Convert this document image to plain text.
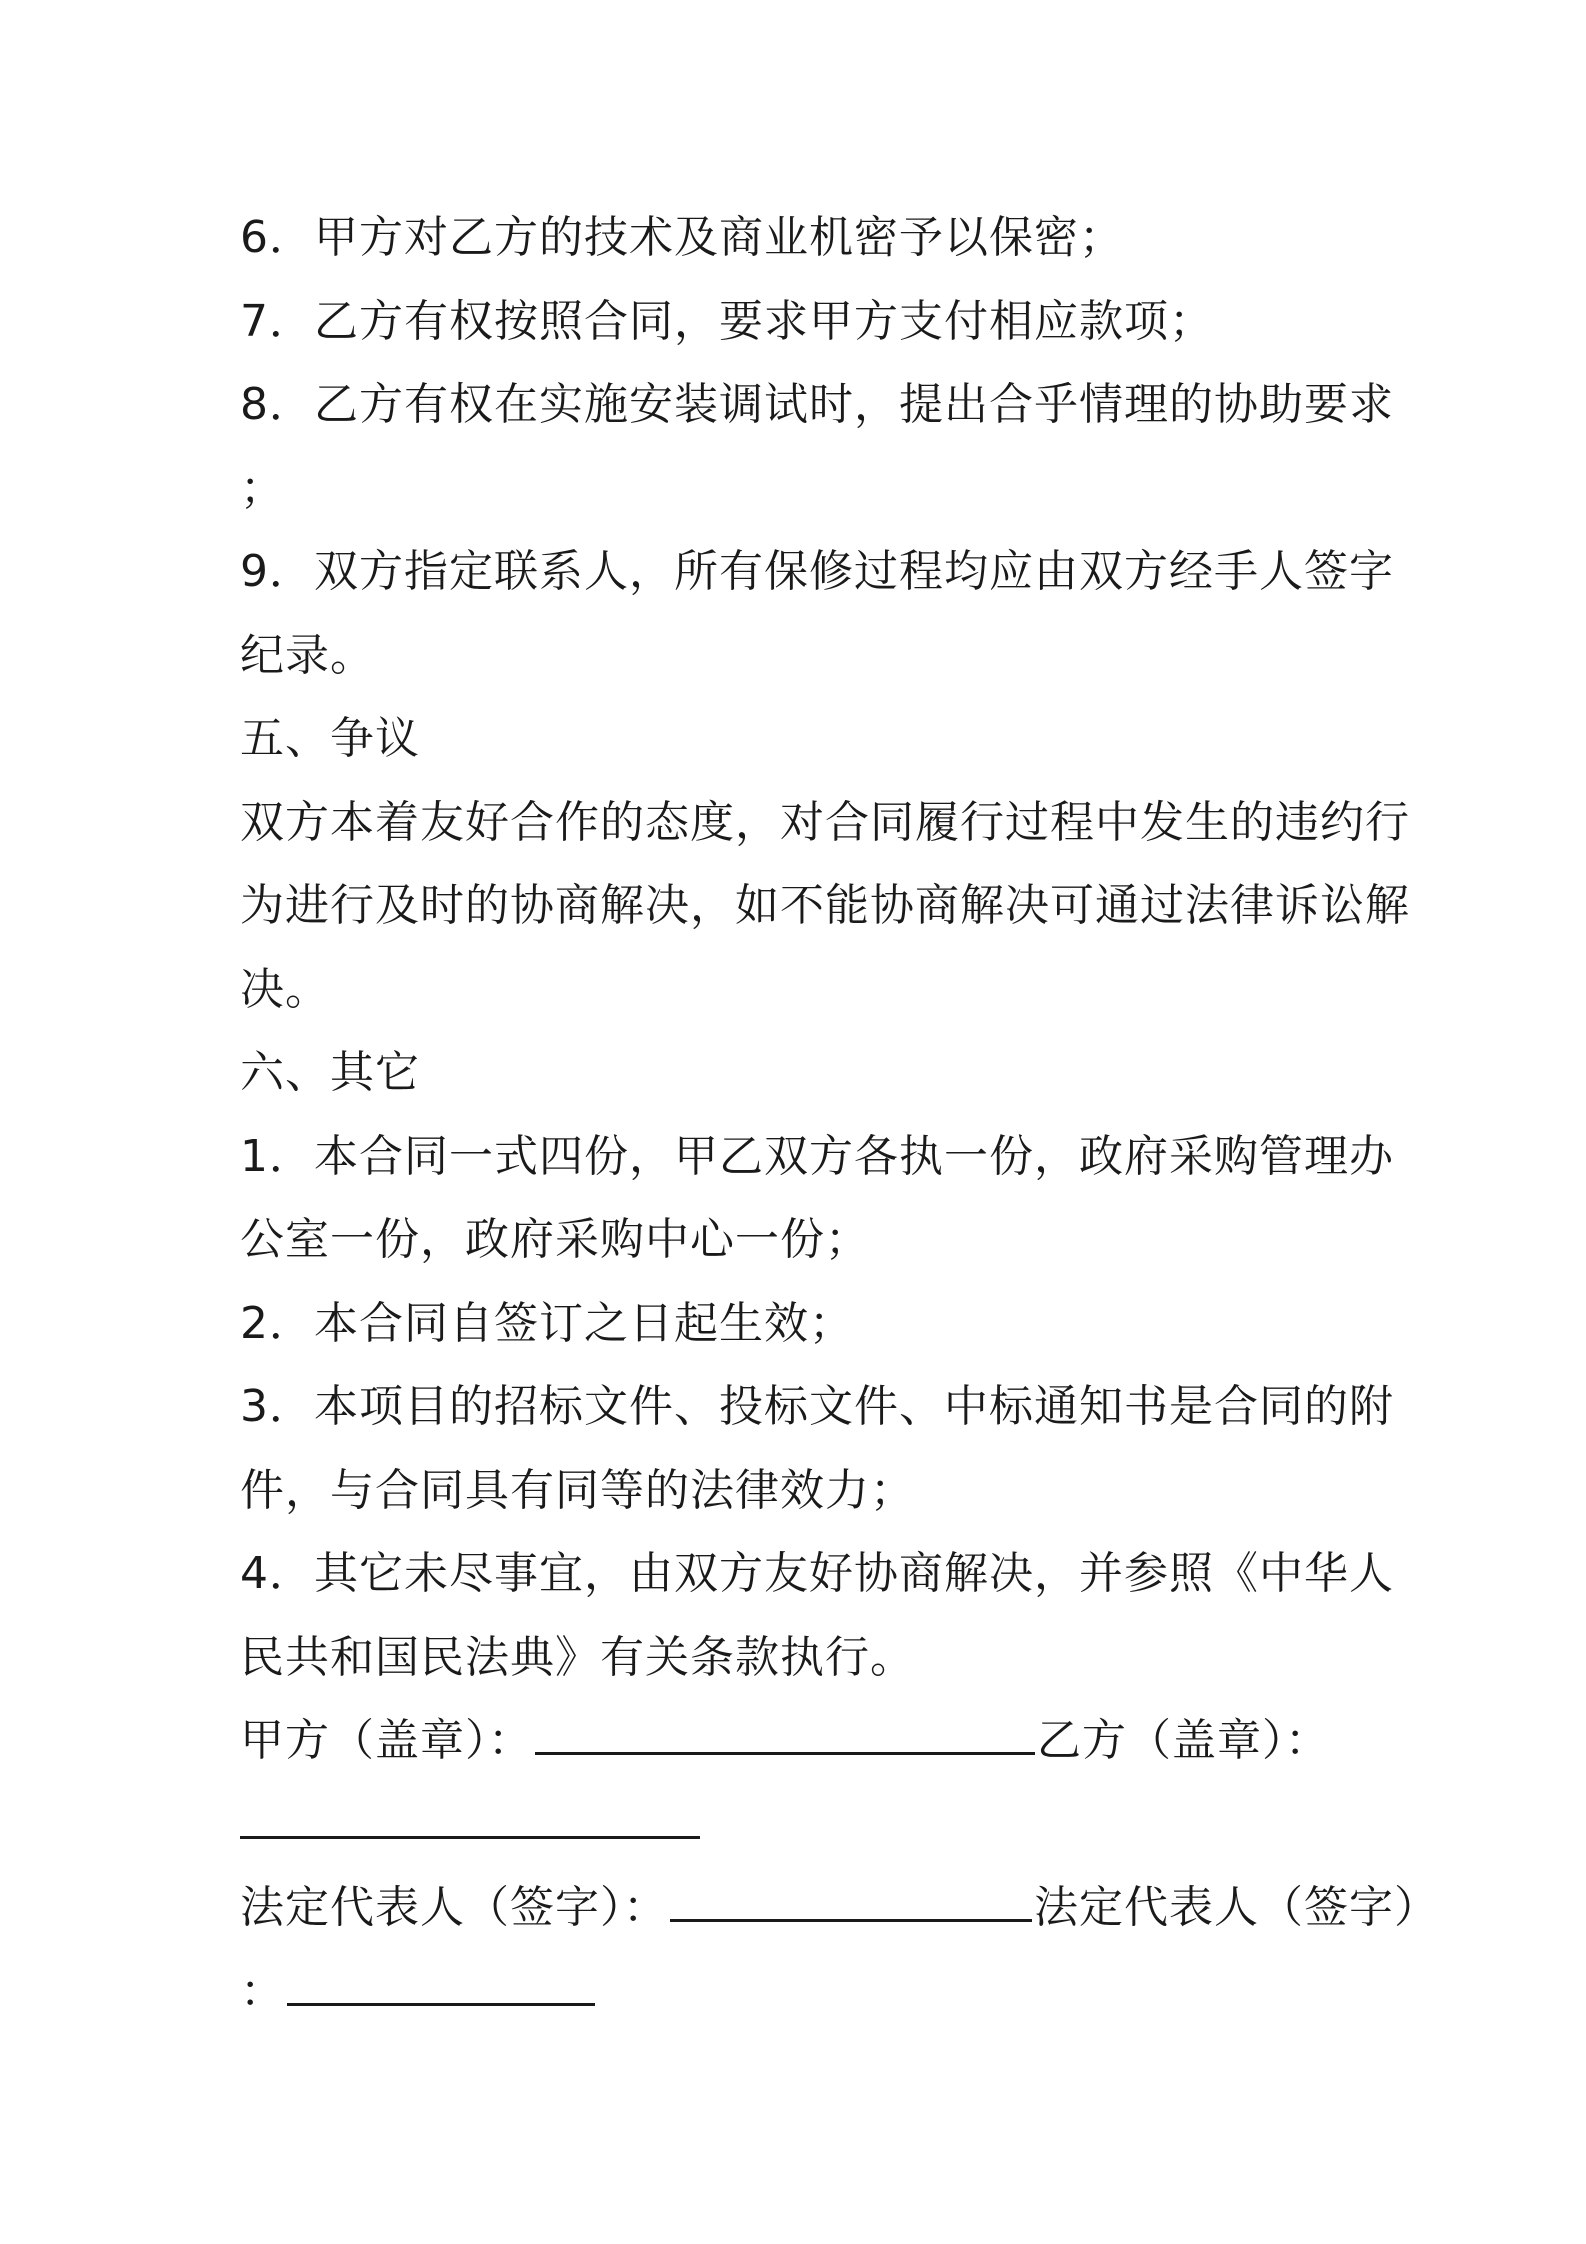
6．甲方对乙方的技术及商业机密予以保密；
7．乙方有权按照合同，要求甲方支付相应款项；
8．乙方有权在实施安装调试时，提出合乎情理的协助要求
；
9．双方指定联系人，所有保修过程均应由双方经手人签字
纪录。
五、争议
双方本着友好合作的态度，对合同履行过程中发生的违约行
为进行及时的协商解决，如不能协商解决可通过法律诉讼解
决。
六、其它
1．本合同一式四份，甲乙双方各执一份，政府采购管理办
公室一份，政府采购中心一份；
2．本合同自签订之日起生效；
3．本项目的招标文件、投标文件、中标通知书是合同的附
件，与合同具有同等的法律效力；
4．其它未尽事宜，由双方友好协商解决，并参照《中华人
民共和国民法典》有关条款执行。
甲方（盖章）：	乙方（盖章）：
法定代表人（签字）：	法定代表人（签字）
：
